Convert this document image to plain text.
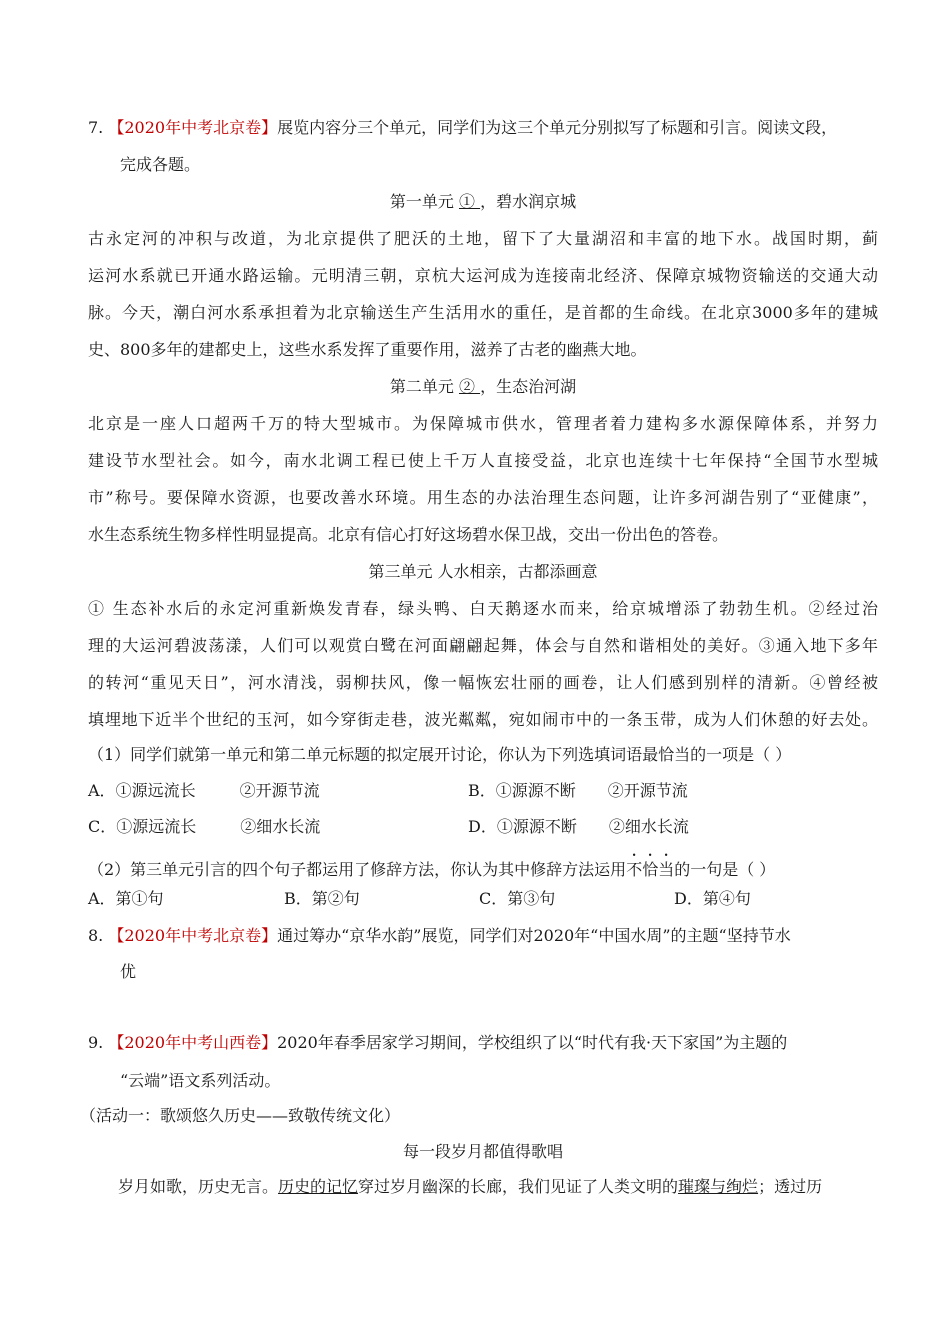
7. 【2020年中考北京卷】展览内容分三个单元，同学们为这三个单元分别拟写了标题和引言。阅读文段，
完成各题。
第一单元 ① ，碧水润京城
古永定河的冲积与改道，为北京提供了肥沃的土地，留下了大量湖沼和丰富的地下水。战国时期，蓟
运河水系就已开通水路运输。元明清三朝，京杭大运河成为连接南北经济、保障京城物资输送的交通大动
脉。今天，潮白河水系承担着为北京输送生产生活用水的重任，是首都的生命线。在北京3000多年的建城
史、800多年的建都史上，这些水系发挥了重要作用，滋养了古老的幽燕大地。
第二单元 ② ，生态治河湖
北京是一座人口超两千万的特大型城市。为保障城市供水，管理者着力建构多水源保障体系，并努力
建设节水型社会。如今，南水北调工程已使上千万人直接受益，北京也连续十七年保持“全国节水型城
市”称号。要保障水资源，也要改善水环境。用生态的办法治理生态问题，让许多河湖告别了“亚健康”，
水生态系统生物多样性明显提高。北京有信心打好这场碧水保卫战，交出一份出色的答卷。
第三单元 人水相亲，古都添画意
① 生态补水后的永定河重新焕发青春，绿头鸭、白天鹅逐水而来，给京城增添了勃勃生机。②经过治
理的大运河碧波荡漾，人们可以观赏白鹭在河面翩翩起舞，体会与自然和谐相处的美好。③通入地下多年
的转河“重见天日”，河水清浅，弱柳扶风，像一幅恢宏壮丽的画卷，让人们感到别样的清新。④曾经被
填埋地下近半个世纪的玉河，如今穿街走巷，波光粼粼，宛如闹市中的一条玉带，成为人们休憩的好去处。
（1）同学们就第一单元和第二单元标题的拟定展开讨论，你认为下列选填词语最恰当的一项是（ ）
A．①源远流长	②开源节流	B．①源源不断 ②开源节流
C．①源远流长	②细水长流	D．①源源不断 ②细水长流
（2）第三单元引言的四个句子都运用了修辞方法，你认为其中修辞方法运用不恰当的一句是（ ）
A．第①句	B．第②句	C．第③句	D．第④句
8. 【2020年中考北京卷】通过筹办“京华水韵”展览，同学们对2020年“中国水周”的主题“坚持节水
优
9. 【2020年中考山西卷】2020年春季居家学习期间，学校组织了以“时代有我·天下家国”为主题的
“云端”语文系列活动。
（活动一：歌颂悠久历史——致敬传统文化）
每一段岁月都值得歌唱
岁月如歌，历史无言。历史的记忆穿过岁月幽深的长廊，我们见证了人类文明的璀璨与绚烂；透过历
